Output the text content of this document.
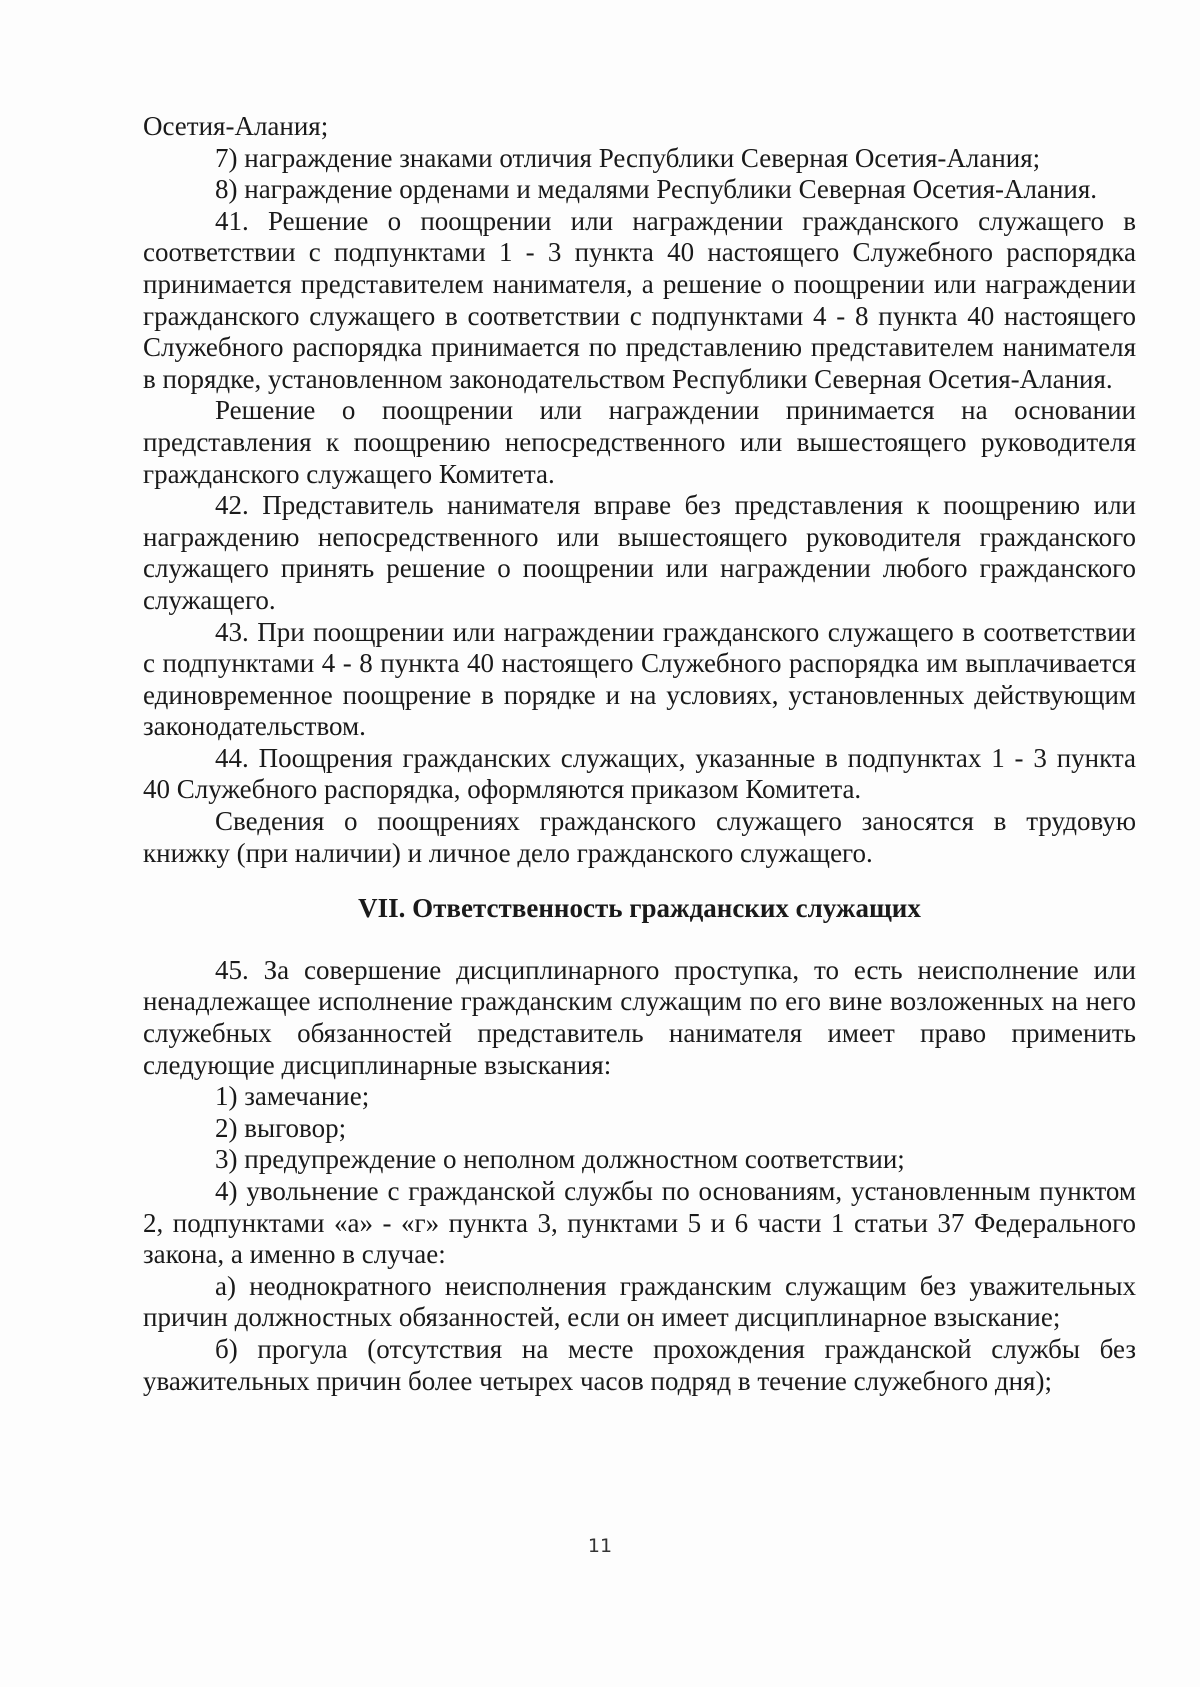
Осетия-Алания;

7) награждение знаками отличия Республики Северная Осетия-Алания;

8) награждение орденами и медалями Республики Северная Осетия-Алания.

41. Решение о поощрении или награждении гражданского служащего в соответствии с подпунктами 1 - 3 пункта 40 настоящего Служебного распорядка принимается представителем нанимателя, а решение о поощрении или награждении гражданского служащего в соответствии с подпунктами 4 - 8 пункта 40 настоящего Служебного распорядка принимается по представлению представителем нанимателя в порядке, установленном законодательством Республики Северная Осетия-Алания.

Решение о поощрении или награждении принимается на основании представления к поощрению непосредственного или вышестоящего руководителя гражданского служащего Комитета.

42. Представитель нанимателя вправе без представления к поощрению или награждению непосредственного или вышестоящего руководителя гражданского служащего принять решение о поощрении или награждении любого гражданского служащего.

43. При поощрении или награждении гражданского служащего в соответствии с подпунктами 4 - 8 пункта 40 настоящего Служебного распорядка им выплачивается единовременное поощрение в порядке и на условиях, установленных действующим законодательством.

44. Поощрения гражданских служащих, указанные в подпунктах 1 - 3 пункта 40 Служебного распорядка, оформляются приказом Комитета.

Сведения о поощрениях гражданского служащего заносятся в трудовую книжку (при наличии) и личное дело гражданского служащего.

VII. Ответственность гражданских служащих

45. За совершение дисциплинарного проступка, то есть неисполнение или ненадлежащее исполнение гражданским служащим по его вине возложенных на него служебных обязанностей представитель нанимателя имеет право применить следующие дисциплинарные взыскания:

1) замечание;

2) выговор;

3) предупреждение о неполном должностном соответствии;

4) увольнение с гражданской службы по основаниям, установленным пунктом 2, подпунктами «а» - «г» пункта 3, пунктами 5 и 6 части 1 статьи 37 Федерального закона, а именно в случае:

а) неоднократного неисполнения гражданским служащим без уважительных причин должностных обязанностей, если он имеет дисциплинарное взыскание;

б) прогула (отсутствия на месте прохождения гражданской службы без уважительных причин более четырех часов подряд в течение служебного дня);

11
